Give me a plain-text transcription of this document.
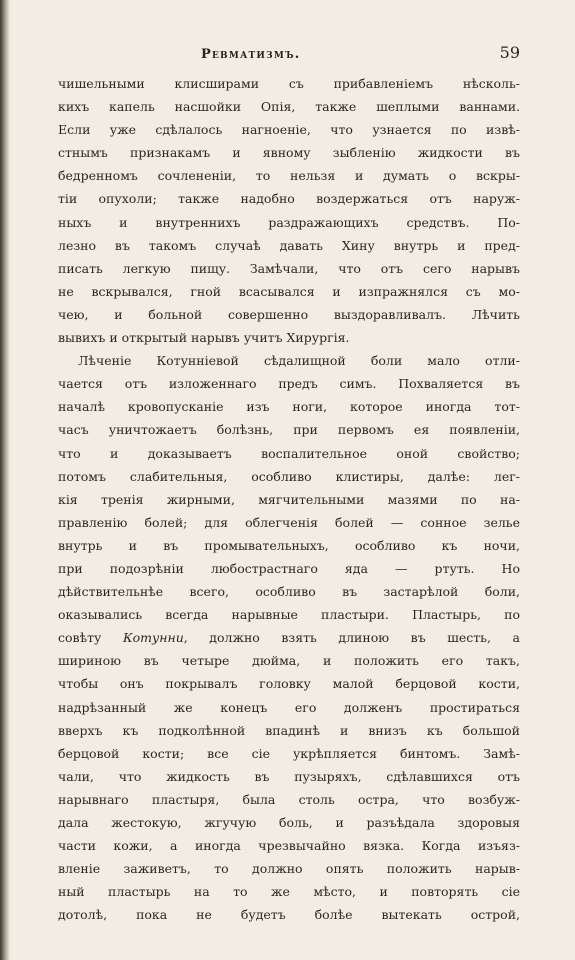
Ревматизмъ.	59
чишельными клисширами съ прибавленіемъ нѣсколь-
кихъ капель насшойки Опія, также шеплыми ваннами.
Если уже сдѣлалось нагноеніе, что узнается по извѣ-
стнымъ признакамъ и явному зыбленію жидкости въ
бедренномъ сочлененіи, то нельзя и думать о вскры-
тіи опухоли; также надобно воздержаться отъ наруж-
ныхъ и внутреннихъ раздражающихъ средствъ. По-
лезно въ такомъ случаѣ давать Хину внутрь и пред-
писать легкую пищу. Замѣчали, что отъ сего нарывъ
не вскрывался, гной всасывался и изпражнялся съ мо-
чею, и больной совершенно выздоравливалъ. Лѣчить
вывихъ и открытый нарывъ учитъ Хирургія.
Лѣченіе Котунніевой сѣдалищной боли мало отли-
чается отъ изложеннаго предъ симъ. Похваляется въ
началѣ кровопусканіе изъ ноги, которое иногда тот-
часъ уничтожаетъ болѣзнь, при первомъ ея появленіи,
что и доказываетъ воспалительное оной свойство;
потомъ слабительныя, особливо клистиры, далѣе: лег-
кія тренія жирными, мягчительными мазями по на-
правленію болей; для облегченія болей — сонное зелье
внутрь и въ промывательныхъ, особливо къ ночи,
при подозрѣніи любострастнаго яда — ртуть. Но
дѣйствительнѣе всего, особливо въ застарѣлой боли,
оказывались всегда нарывные пластыри. Пластырь, по
совѣту Котунни, должно взять длиною въ шесть, а
шириною въ четыре дюйма, и положить его такъ,
чтобы онъ покрывалъ головку малой берцовой кости,
надрѣзанный же конецъ его долженъ простираться
вверхъ къ подколѣнной впадинѣ и внизъ къ большой
берцовой кости; все сіе укрѣпляется бинтомъ. Замѣ-
чали, что жидкость въ пузыряхъ, сдѣлавшихся отъ
нарывнаго пластыря, была столь остра, что возбуж-
дала жестокую, жгучую боль, и разъѣдала здоровыя
части кожи, а иногда чрезвычайно вязка. Когда изъяз-
вленіе заживетъ, то должно опять положить нарыв-
ный пластырь на то же мѣсто, и повторять сіе
дотолѣ, пока не будетъ болѣе вытекать острой,
